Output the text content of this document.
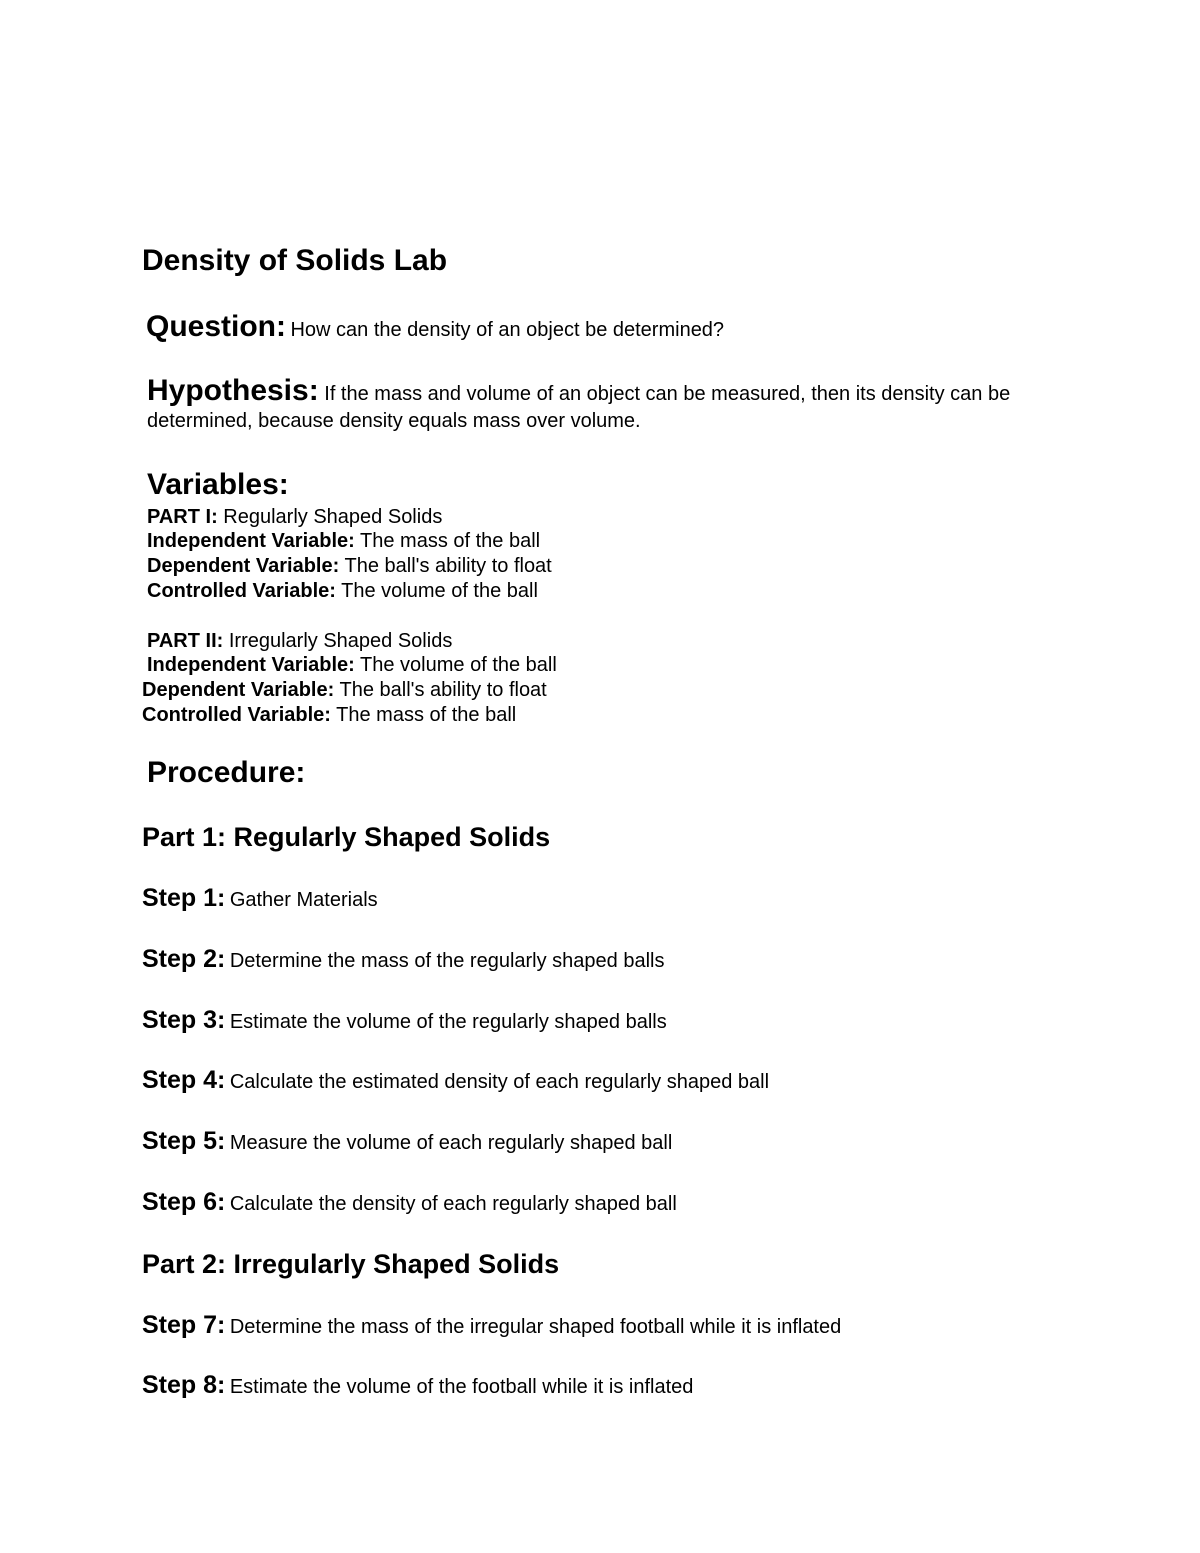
Density of Solids Lab
Question: How can the density of an object be determined?
Hypothesis: If the mass and volume of an object can be measured, then its density can be determined, because density equals mass over volume.
Variables:
PART I: Regularly Shaped Solids
Independent Variable: The mass of the ball
Dependent Variable: The ball's ability to float
Controlled Variable: The volume of the ball
PART II: Irregularly Shaped Solids
Independent Variable: The volume of the ball
Dependent Variable: The ball's ability to float
Controlled Variable: The mass of the ball
Procedure:
Part 1: Regularly Shaped Solids
Step 1: Gather Materials
Step 2: Determine the mass of the regularly shaped balls
Step 3: Estimate the volume of the regularly shaped balls
Step 4: Calculate the estimated density of each regularly shaped ball
Step 5: Measure the volume of each regularly shaped ball
Step 6: Calculate the density of each regularly shaped ball
Part 2: Irregularly Shaped Solids
Step 7: Determine the mass of the irregular shaped football while it is inflated
Step 8: Estimate the volume of the football while it is inflated
